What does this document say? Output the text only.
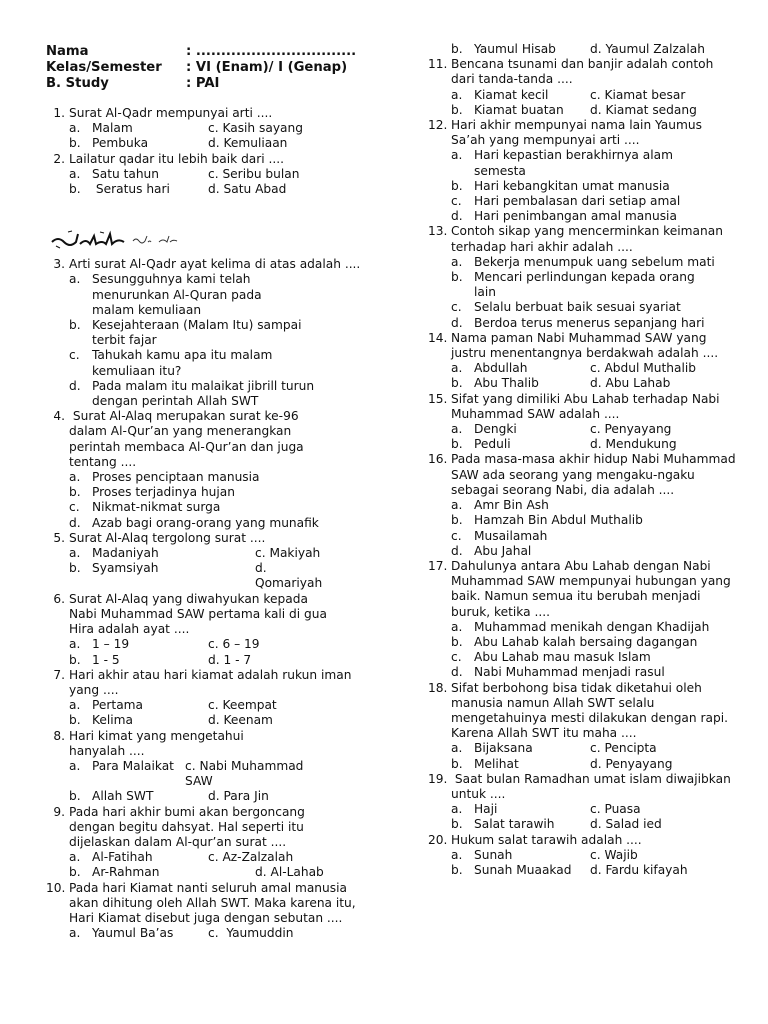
Nama	: ................................
Kelas/Semester	: VI (Enam)/ I (Genap)
B. Study	: PAI
1. Surat Al-Qadr mempunyai arti ....
a. Malam	c. Kasih sayang
b. Pembuka	d. Kemuliaan
2. Lailatur qadar itu lebih baik dari ....
a. Satu tahun	c. Seribu bulan
b. Seratus hari	d. Satu Abad
3. Arti surat Al-Qadr ayat kelima di atas adalah ....
a. Sesungguhnya kami telah menurunkan Al-Quran pada malam kemuliaan
b. Kesejahteraan (Malam Itu) sampai terbit fajar
c.	Tahukah kamu apa itu malam kemuliaan itu?
d. Pada malam itu malaikat jibrill turun dengan perintah Allah SWT
4. Surat Al-Alaq merupakan surat ke-96 dalam Al-Qur’an yang menerangkan perintah membaca Al-Qur’an dan juga tentang ....
a. Proses penciptaan manusia
b. Proses terjadinya hujan
c.	Nikmat-nikmat surga
d. Azab bagi orang-orang yang munafik
5. Surat Al-Alaq tergolong surat ....
a. Madaniyah	c. Makiyah
b. Syamsiyah	d. Qomariyah
6. Surat Al-Alaq yang diwahyukan kepada Nabi Muhammad SAW pertama kali di gua Hira adalah ayat ....
a. 1 – 19	c. 6 – 19
b. 1 - 5	d. 1 - 7
7. Hari akhir atau hari kiamat adalah rukun iman yang ....
a. Pertama	c. Keempat
b. Kelima	d. Keenam
8. Hari kimat yang mengetahui hanyalah ....
a. Para Malaikat c. Nabi Muhammad SAW
b. Allah SWT	d. Para Jin
9. Pada hari akhir bumi akan bergoncang dengan begitu dahsyat. Hal seperti itu dijelaskan dalam Al-qur’an surat ....
a. Al-Fatihah	c. Az-Zalzalah
b. Ar-Rahman	d. Al-Lahab
10. Pada hari Kiamat nanti seluruh amal manusia akan dihitung oleh Allah SWT. Maka karena itu, Hari Kiamat disebut juga dengan sebutan ....
a. Yaumul Ba’as	c.  Yaumuddin
b. Yaumul Hisab	d. Yaumul Zalzalah
11. Bencana tsunami dan banjir adalah contoh dari tanda-tanda ....
a. Kiamat kecil	c. Kiamat besar
b. Kiamat buatan	d. Kiamat sedang
12. Hari akhir mempunyai nama lain Yaumus Sa’ah yang mempunyai arti ....
a. Hari kepastian berakhirnya alam semesta
b. Hari kebangkitan umat manusia
c.	Hari pembalasan dari setiap amal
d. Hari penimbangan amal manusia
13. Contoh sikap yang mencerminkan keimanan terhadap hari akhir adalah ....
a. Bekerja menumpuk uang sebelum mati
b. Mencari perlindungan kepada orang lain
c.	Selalu berbuat baik sesuai syariat
d. Berdoa terus menerus sepanjang hari
14. Nama paman Nabi Muhammad SAW yang justru menentangnya berdakwah adalah ....
a. Abdullah	c. Abdul Muthalib
b. Abu Thalib	d. Abu Lahab
15. Sifat yang dimiliki Abu Lahab terhadap Nabi Muhammad SAW adalah ....
a. Dengki	c. Penyayang
b. Peduli	d. Mendukung
16. Pada masa-masa akhir hidup Nabi Muhammad SAW ada seorang yang mengaku-ngaku sebagai seorang Nabi, dia adalah ....
a. Amr Bin Ash
b. Hamzah Bin Abdul Muthalib
c.	Musailamah
d. Abu Jahal
17. Dahulunya antara Abu Lahab dengan Nabi Muhammad SAW mempunyai hubungan yang baik. Namun semua itu berubah menjadi buruk, ketika ....
a. Muhammad menikah dengan Khadijah
b. Abu Lahab kalah bersaing dagangan
c.	Abu Lahab mau masuk Islam
d. Nabi Muhammad menjadi rasul
18. Sifat berbohong bisa tidak diketahui oleh manusia namun Allah SWT selalu mengetahuinya mesti dilakukan dengan rapi. Karena Allah SWT itu maha ....
a. Bijaksana	c. Pencipta
b. Melihat	d. Penyayang
19. Saat bulan Ramadhan umat islam diwajibkan untuk ....
a. Haji	c. Puasa
b. Salat tarawih	d. Salad ied
20. Hukum salat tarawih adalah ....
a. Sunah	c. Wajib
b. Sunah Muaakad	d. Fardu kifayah
